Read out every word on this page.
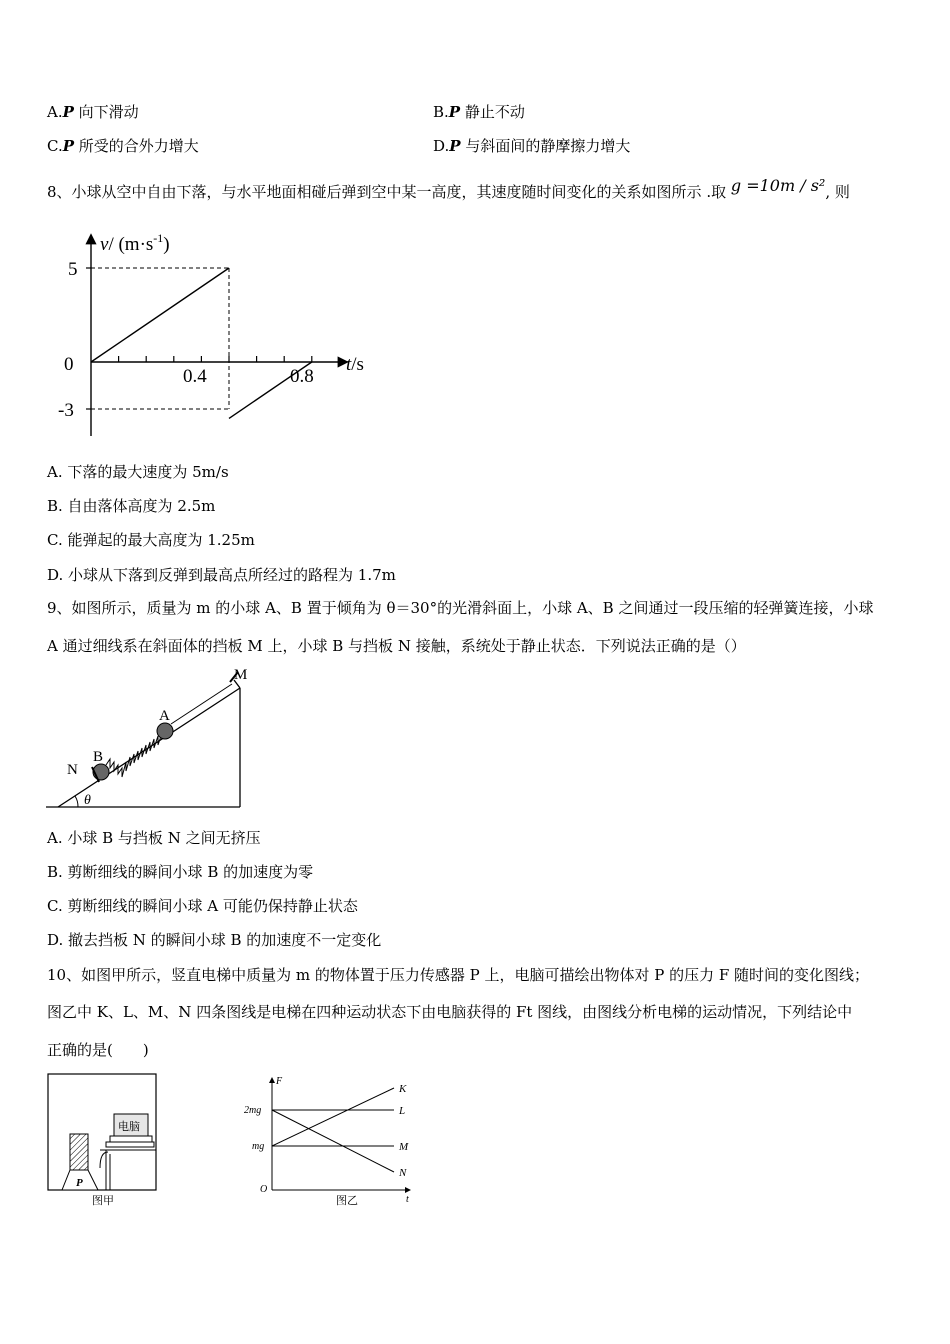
A.P 向下滑动	B.P 静止不动
C.P 所受的合外力增大	D.P 与斜面间的静摩擦力增大
8、小球从空中自由下落，与水平地面相碰后弹到空中某一高度，其速度随时间变化的关系如图所示 .取 g =10m / s², 则
v/ $(m\cdot s^{-1})$
5
0
-3
0.4	0.8
t/s
A. 下落的最大速度为 5m/s
B. 自由落体高度为 2.5m
C. 能弹起的最大高度为 1.25m
D. 小球从下落到反弹到最高点所经过的路程为 1.7m
9、如图所示，质量为 m 的小球 A、B 置于倾角为 θ＝30°的光滑斜面上，小球 A、B 之间通过一段压缩的轻弹簧连接，小球
A 通过细线系在斜面体的挡板 M 上，小球 B 与挡板 N 接触，系统处于静止状态．下列说法正确的是（）
M
A
B
N
θ
A. 小球 B 与挡板 N 之间无挤压
B. 剪断细线的瞬间小球 B 的加速度为零
C. 剪断细线的瞬间小球 A 可能仍保持静止状态
D. 撤去挡板 N 的瞬间小球 B 的加速度不一定变化
10、如图甲所示，竖直电梯中质量为 m 的物体置于压力传感器 P 上，电脑可描绘出物体对 P 的压力 F 随时间的变化图线；
图乙中 K、L、M、N 四条图线是电梯在四种运动状态下由电脑获得的 Ft 图线，由图线分析电梯的运动情况，下列结论中
正确的是(　　)
电脑
P
图甲
F
t
O
2mg
mg
K
L
M
N
图乙
